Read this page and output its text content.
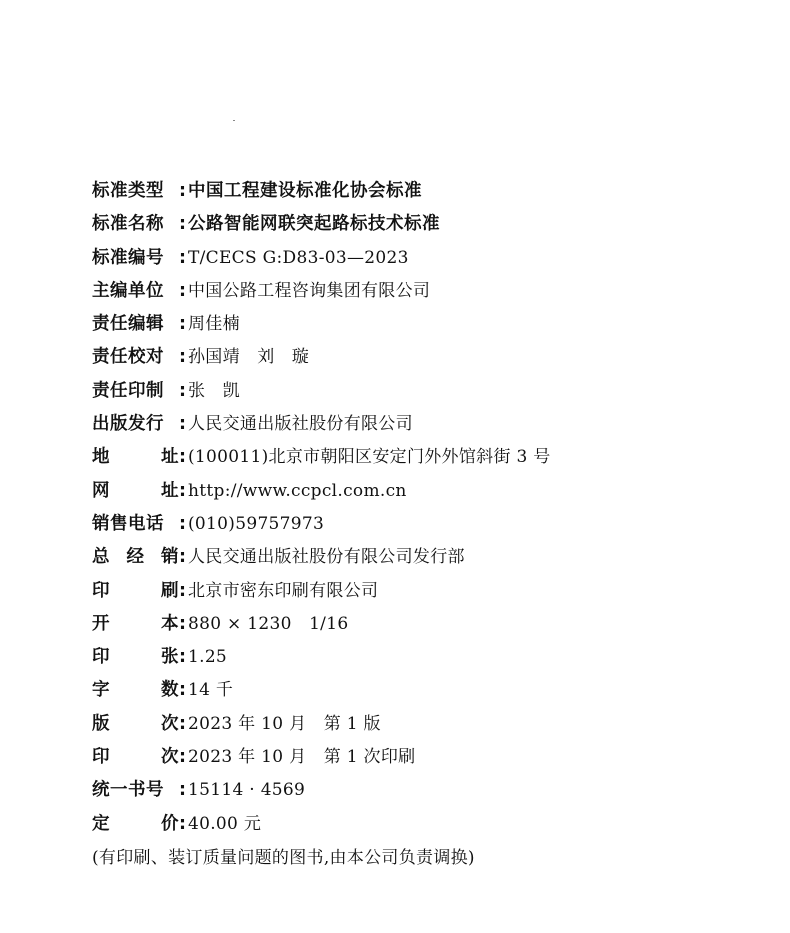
标准类型 : 中国工程建设标准化协会标准
标准名称 : 公路智能网联突起路标技术标准
标准编号 : T/CECS G:D83-03—2023
主编单位 : 中国公路工程咨询集团有限公司
责任编辑 : 周佳楠
责任校对 : 孙国靖　刘　璇
责任印制 : 张　凯
出版发行 : 人民交通出版社股份有限公司
地址 : (100011)北京市朝阳区安定门外外馆斜街 3 号
网址 : http://www.ccpcl.com.cn
销售电话 : (010)59757973
总经销 : 人民交通出版社股份有限公司发行部
印刷 : 北京市密东印刷有限公司
开本 : 880 × 1230　1/16
印张 : 1.25
字数 : 14 千
版次 : 2023 年 10 月　第 1 版
印次 : 2023 年 10 月　第 1 次印刷
统一书号 : 15114 · 4569
定价 : 40.00 元
(有印刷、装订质量问题的图书,由本公司负责调换)
